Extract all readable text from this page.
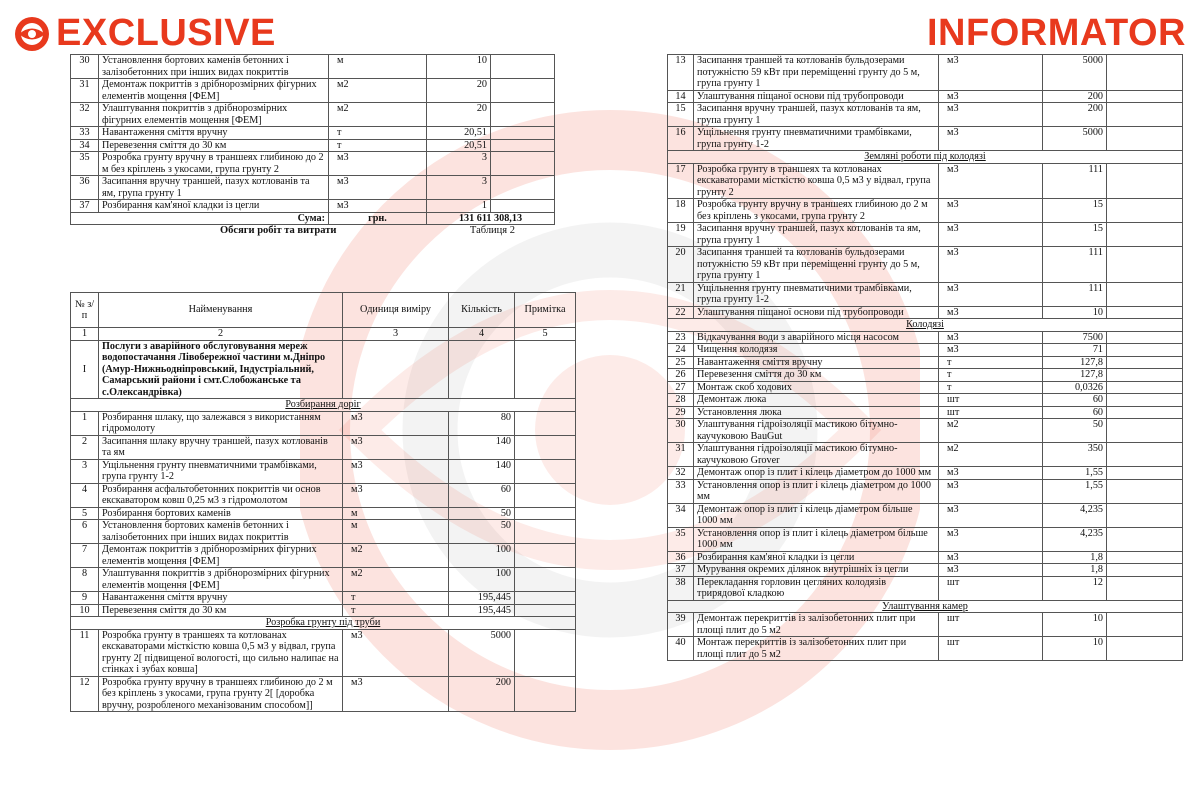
EXCLUSIVE	INFORMATOR
30	Установлення бортових каменів бетонних і залізобетонних при інших видах покриттів	м	10	
31	Демонтаж покриттів з дрібнорозмірних фігурних елементів мощення [ФЕМ]	м2	20	
32	Улаштування покриттів з дрібнорозмірних фігурних елементів мощення [ФЕМ]	м2	20	
33	Навантаження сміття вручну	т	20,51	
34	Перевезення сміття до 30 км	т	20,51	
35	Розробка грунту вручну в траншеях глибиною до 2 м без кріплень з укосами, група грунту 2	м3	3	
36	Засипання вручну траншей, пазух котлованів та ям, група грунту 1	м3	3	
37	Розбирання кам'яної кладки із цегли	м3	1	
Сума:		грн.	131 611 308,13	
Обсяги робіт та витрати	Таблиця 2
№ з/п	Найменування	Одиниця виміру	Кількість	Примітка
1	2	3	4	5
I	Послуги з аварійного обслуговування мереж водопостачання Лівобережної частини м.Дніпро (Амур-Нижньодніпровський, Індустріальний, Самарський райони і смт.Слобожанське та с.Олександрівка)			
Розбирання доріг				
1	Розбирання шлаку, що залежався з використанням гідромолоту	м3	80	
2	Засипання шлаку вручну траншей, пазух котлованів та ям	м3	140	
3	Ущільнення грунту пневматичними трамбівками, група грунту 1-2	м3	140	
4	Розбирання асфальтобетонних покриттів чи основ екскаватором ковш 0,25 м3 з гідромолотом	м3	60	
5	Розбирання бортових каменів	м	50	
6	Установлення бортових каменів бетонних і залізобетонних при інших видах покриттів	м	50	
7	Демонтаж покриттів з дрібнорозмірних фігурних елементів мощення [ФЕМ]	м2	100	
8	Улаштування покриттів з дрібнорозмірних фігурних елементів мощення [ФЕМ]	м2	100	
9	Навантаження сміття вручну	т	195,445	
10	Перевезення сміття до 30 км	т	195,445	
Розробка грунту під труби				
11	Розробка грунту в траншеях та котлованах екскаваторами місткістю ковша 0,5 м3 у відвал, група грунту 2[ підвищеної вологості, що сильно налипає на стінках і зубах ковша]	м3	5000	
12	Розробка грунту вручну в траншеях глибиною до 2 м без кріплень з укосами, група грунту 2[ [доробка вручну, розробленого механізованим способом]]	м3	200	
13	Засипання траншей та котлованів бульдозерами потужністю 59 кВт при переміщенні грунту до 5 м, група грунту 1	м3	5000	
14	Улаштування піщаної основи під трубопроводи	м3	200	
15	Засипання вручну траншей, пазух котлованів та ям, група грунту 1	м3	200	
16	Ущільнення грунту пневматичними трамбівками, група грунту 1-2	м3	5000	
Земляні роботи під колодязі				
17	Розробка грунту в траншеях та котлованах екскаваторами місткістю ковша 0,5 м3 у відвал, група грунту 2	м3	111	
18	Розробка грунту вручну в траншеях глибиною до 2 м без кріплень з укосами, група грунту 2	м3	15	
19	Засипання вручну траншей, пазух котлованів та ям, група грунту 1	м3	15	
20	Засипання траншей та котлованів бульдозерами потужністю 59 кВт при переміщенні грунту до 5 м, група грунту 1	м3	111	
21	Ущільнення грунту пневматичними трамбівками, група грунту 1-2	м3	111	
22	Улаштування піщаної основи під трубопроводи	м3	10	
Колодязі				
23	Відкачування води з аварійного місця насосом	м3	7500	
24	Чищення колодязя	м3	71	
25	Навантаження сміття вручну	т	127,8	
26	Перевезення сміття до 30 км	т	127,8	
27	Монтаж скоб ходових	т	0,0326	
28	Демонтаж люка	шт	60	
29	Установлення люка	шт	60	
30	Улаштування гідроізоляції мастикою бітумно-каучуковою BauGut	м2	50	
31	Улаштування гідроізоляції мастикою бітумно-каучуковою Grover	м2	350	
32	Демонтаж опор із плит і кілець діаметром до 1000 мм	м3	1,55	
33	Установлення опор із плит і кілець діаметром до 1000 мм	м3	1,55	
34	Демонтаж опор із плит і кілець діаметром більше 1000 мм	м3	4,235	
35	Установлення опор із плит і кілець діаметром більше 1000 мм	м3	4,235	
36	Розбирання кам'яної кладки із цегли	м3	1,8	
37	Мурування окремих ділянок внутрішніх із цегли	м3	1,8	
38	Перекладання горловин цегляних колодязів трирядової кладкою	шт	12	
Улаштування камер				
39	Демонтаж перекриттів із залізобетонних плит при площі плит до 5 м2	шт	10	
40	Монтаж перекриттів із залізобетонних плит при площі плит до 5 м2	шт	10	
